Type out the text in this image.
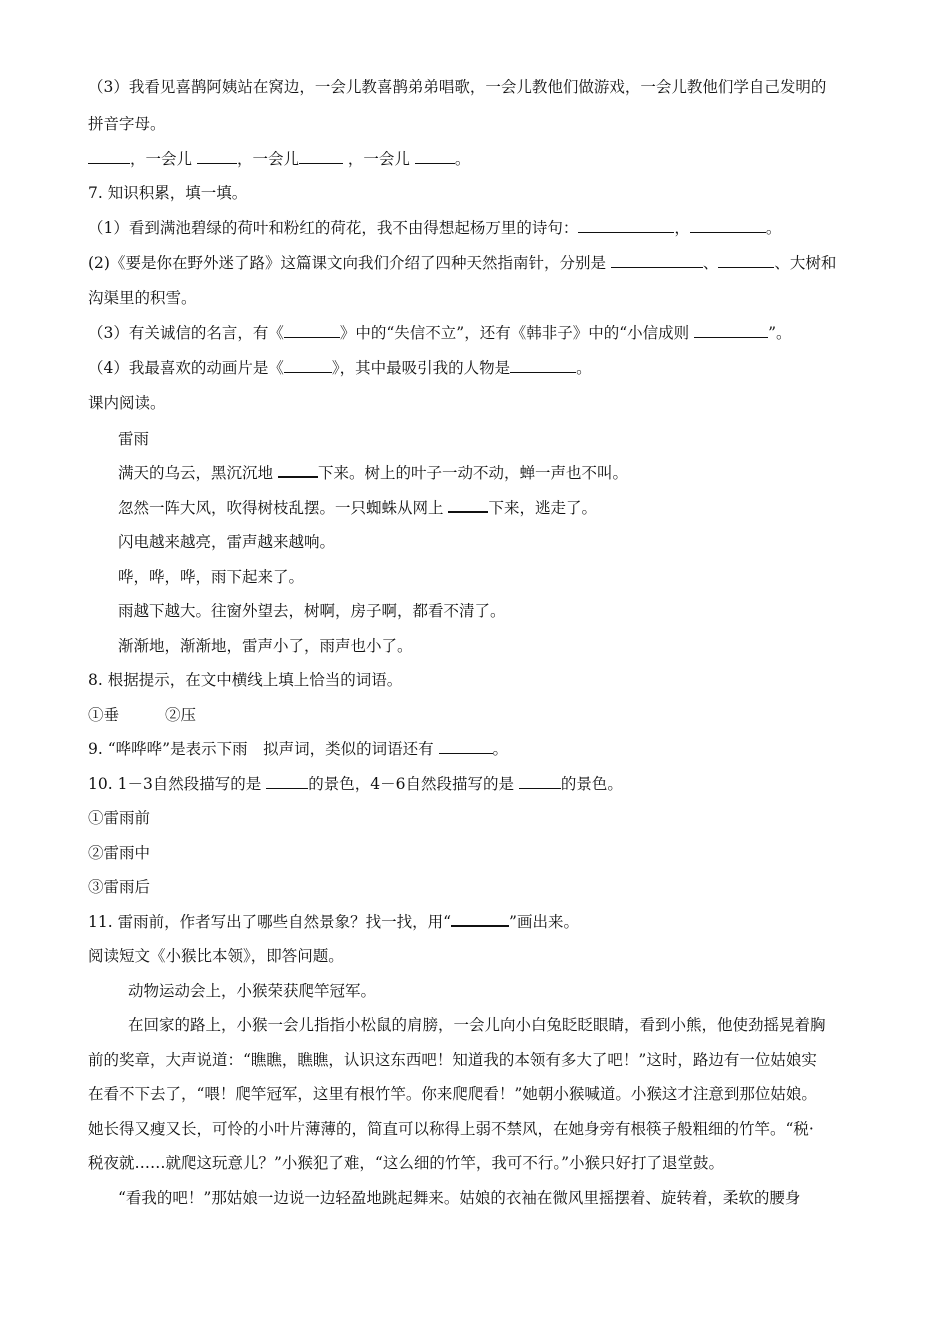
（3）我看见喜鹊阿姨站在窝边，一会儿教喜鹊弟弟唱歌，一会儿教他们做游戏，一会儿教他们学自己发明的
拼音字母。
，一会儿	，一会儿	，一会儿	。
7. 知识积累，填一填。
（1）看到满池碧绿的荷叶和粉红的荷花，我不由得想起杨万里的诗句：	，	。
(2)《要是你在野外迷了路》这篇课文向我们介绍了四种天然指南针，分别是	、	、大树和
沟渠里的积雪。
（3）有关诚信的名言，有《	》中的“失信不立”，还有《韩非子》中的“小信成则	”。
（4）我最喜欢的动画片是《	》，其中最吸引我的人物是	。
课内阅读。
雷雨
满天的乌云，黑沉沉地	下来。树上的叶子一动不动，蝉一声也不叫。
忽然一阵大风，吹得树枝乱摆。一只蜘蛛从网上	下来，逃走了。
闪电越来越亮，雷声越来越响。
哗，哗，哗，雨下起来了。
雨越下越大。往窗外望去，树啊，房子啊，都看不清了。
渐渐地，渐渐地，雷声小了，雨声也小了。
8. 根据提示，在文中横线上填上恰当的词语。
①垂	②压
9. “哗哗哗”是表示下雨　拟声词，类似的词语还有	。
10. 1－3自然段描写的是	的景色，4－6自然段描写的是	的景色。
①雷雨前
②雷雨中
③雷雨后
11. 雷雨前，作者写出了哪些自然景象？找一找，用“	”画出来。
阅读短文《小猴比本领》，即答问题。
动物运动会上，小猴荣获爬竿冠军。
在回家的路上，小猴一会儿指指小松鼠的肩膀，一会儿向小白兔眨眨眼睛，看到小熊，他使劲摇晃着胸
前的奖章，大声说道：“瞧瞧，瞧瞧，认识这东西吧！知道我的本领有多大了吧！”这时，路边有一位姑娘实
在看不下去了，“喂！爬竿冠军，这里有根竹竿。你来爬爬看！”她朝小猴喊道。小猴这才注意到那位姑娘。
她长得又瘦又长，可怜的小叶片薄薄的，简直可以称得上弱不禁风，在她身旁有根筷子般粗细的竹竿。“税·
税夜就……就爬这玩意儿？”小猴犯了难，“这么细的竹竿，我可不行。”小猴只好打了退堂鼓。
“看我的吧！”那姑娘一边说一边轻盈地跳起舞来。姑娘的衣袖在微风里摇摆着、旋转着，柔软的腰身
